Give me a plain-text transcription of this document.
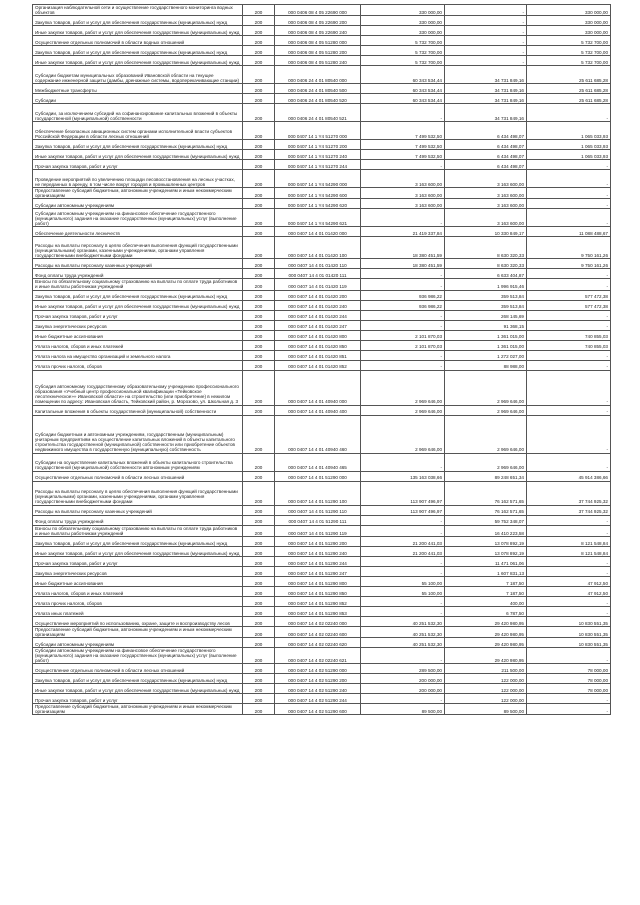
Организация наблюдательной сети и осуществление государственного мониторинга водных объектов	200	000 0406 08 4 05 22690 000	330 000,00	-	330 000,00
Закупка товаров, работ и услуг для обеспечения государственных (муниципальных) нужд	200	000 0406 08 4 05 22690 200	330 000,00	-	330 000,00
Иные закупки товаров, работ и услуг для обеспечения государственных (муниципальных) нужд	200	000 0406 08 4 05 22690 240	330 000,00	-	330 000,00
Осуществление отдельных полномочий в области водных отношений	200	000 0406 08 4 05 51280 000	5 732 700,00	-	5 732 700,00
Закупка товаров, работ и услуг для обеспечения государственных (муниципальных) нужд	200	000 0406 08 4 05 51280 200	5 732 700,00	-	5 732 700,00
Иные закупки товаров, работ и услуг для обеспечения государственных (муниципальных) нужд	200	000 0406 08 4 05 51280 240	5 732 700,00	-	5 732 700,00
Субсидии бюджетам муниципальных образований Ивановской области на текущее содержание инженерной защиты (дамбы, дренажные системы, водоперекачивающие станции)	200	000 0406 24 4 01 80540 000	60 343 534,44	34 731 849,16	25 611 685,28
Межбюджетные трансферты	200	000 0406 24 4 01 80540 500	60 343 534,44	34 731 849,16	25 611 685,28
Субсидии	200	000 0406 24 4 01 80540 520	60 343 534,44	34 731 849,16	25 611 685,28
Субсидии, за исключением субсидий на софинансирование капитальных вложений в объекты государственной (муниципальной) собственности	200	000 0406 24 4 01 80540 521	-	34 731 849,16	-
Обеспечение безопасных авиационных систем органами исполнительной власти субъектов Российской Федерации в области лесных отношений	200	000 0407 14 1 Y4 51270 000	7 499 532,50	6 434 498,07	1 065 033,93
Закупка товаров, работ и услуг для обеспечения государственных (муниципальных) нужд	200	000 0407 14 1 Y4 51270 200	7 499 532,50	6 434 498,07	1 065 033,93
Иные закупки товаров, работ и услуг для обеспечения государственных (муниципальных) нужд	200	000 0407 14 1 Y4 51270 240	7 499 532,50	6 434 498,07	1 065 033,93
Прочая закупка товаров, работ и услуг	200	000 0407 14 1 Y4 51270 244	-	6 434 498,07	-
Проведение мероприятий по увеличению площади лесовосстановления на лесных участках, не переданных в аренду, в том числе вокруг городов и промышленных центров	200	000 0407 14 1 Y4 54290 000	3 163 600,00	3 163 600,00	-
Предоставление субсидий бюджетным, автономным учреждениям и иным некоммерческим организациям	200	000 0407 14 1 Y4 54290 600	3 163 600,00	3 163 600,00	-
Субсидии автономным учреждениям	200	000 0407 14 1 Y4 54290 620	3 163 600,00	3 163 600,00	-
Субсидии автономным учреждениям на финансовое обеспечение государственного (муниципального) задания на оказание государственных (муниципальных) услуг (выполнение работ)	200	000 0407 14 1 Y4 54290 621	-	3 163 600,00	-
Обеспечение деятельности лесничеств	200	000 0407 14 4 01 01420 000	21 419 337,84	10 330 849,17	11 088 488,67
Расходы на выплаты персоналу в целях обеспечения выполнения функций государственными (муниципальными) органами, казенными учреждениями, органами управления государственными внебюджетными фондами	200	000 0407 14 4 01 01420 100	18 380 451,59	8 630 320,33	9 750 161,26
Расходы на выплаты персоналу казенных учреждений	200	000 0407 14 4 01 01420 110	18 380 451,59	8 630 320,33	9 750 161,26
Фонд оплаты труда учреждений	200	000 0407 14 4 01 01420 111	-	6 633 404,87	-
Взносы по обязательному социальному страхованию на выплаты по оплате труда работников и иные выплаты работникам учреждений	200	000 0407 14 4 01 01420 119	-	1 996 915,46	-
Закупка товаров, работ и услуг для обеспечения государственных (муниципальных) нужд	200	000 0407 14 4 01 01420 200	936 986,22	359 513,84	577 472,38
Иные закупки товаров, работ и услуг для обеспечения государственных (муниципальных) нужд	200	000 0407 14 4 01 01420 240	936 986,22	359 513,84	577 472,38
Прочая закупка товаров, работ и услуг	200	000 0407 14 4 01 01420 244	-	268 145,69	-
Закупка энергетических ресурсов	200	000 0407 14 4 01 01420 247	-	91 368,15	-
Иные бюджетные ассигнования	200	000 0407 14 4 01 01420 800	2 101 870,03	1 361 015,00	740 855,03
Уплата налогов, сборов и иных платежей	200	000 0407 14 4 01 01420 850	2 101 870,03	1 361 015,00	740 855,03
Уплата налога на имущество организаций и земельного налога	200	000 0407 14 4 01 01420 851	-	1 272 027,00	-
Уплата прочих налогов, сборов	200	000 0407 14 4 01 01420 852	-	88 988,00	-
Субсидия автономному государственному образовательному учреждению профессионального образования «Учебный центр профессиональной квалификации «Тейковское лесотехническое»» Ивановской области» на строительство (или приобретение) в нежилом помещении по адресу: Ивановская область, Тейковский район, р. Морозово, ул. Школьная д. 3	200	000 0407 14 4 01 40940 000	2 969 646,00	2 969 646,00	-
Капитальные вложения в объекты государственной (муниципальной) собственности	200	000 0407 14 4 01 40940 400	2 969 646,00	2 969 646,00	-
Субсидии бюджетным и автономным учреждениям, государственным (муниципальным) унитарным предприятиям на осуществление капитальных вложений в объекты капитального строительства государственной (муниципальной) собственности или приобретение объектов недвижимого имущества в государственную (муниципальную) собственность	200	000 0407 14 4 01 40940 460	2 969 646,00	2 969 646,00	-
Субсидии на осуществление капитальных вложений в объекты капитального строительства государственной (муниципальной) собственности автономным учреждениям	200	000 0407 14 4 01 40940 465	-	2 969 646,00	-
Осуществление отдельных полномочий в области лесных отношений	200	000 0407 14 4 01 51290 000	135 163 038,66	89 248 651,34	45 914 386,66
Расходы на выплаты персоналу в целях обеспечения выполнения функций государственными (муниципальными) органами, казенными учреждениями, органами управления государственными внебюджетными фондами	200	000 0407 14 4 01 51290 100	113 907 496,97	76 162 571,65	37 744 925,32
Расходы на выплаты персоналу казенных учреждений	200	000 0407 14 4 01 51290 110	113 907 496,97	76 162 571,65	37 744 925,32
Фонд оплаты труда учреждений	200	000 0407 14 4 01 51290 111	-	59 752 348,07	-
Взносы по обязательному социальному страхованию на выплаты по оплате труда работников и иные выплаты работникам учреждений	200	000 0407 14 4 01 51290 119	-	16 410 223,58	-
Закупка товаров, работ и услуг для обеспечения государственных (муниципальных) нужд	200	000 0407 14 4 01 51290 200	21 200 441,03	13 078 892,19	8 121 548,84
Иные закупки товаров, работ и услуг для обеспечения государственных (муниципальных) нужд	200	000 0407 14 4 01 51290 240	21 200 441,03	13 078 892,19	8 121 548,84
Прочая закупка товаров, работ и услуг	200	000 0407 14 4 01 51290 244	-	11 471 061,06	-
Закупка энергетических ресурсов	200	000 0407 14 4 01 51290 247	-	1 607 831,13	-
Иные бюджетные ассигнования	200	000 0407 14 4 01 51290 800	55 100,00	7 187,50	47 912,50
Уплата налогов, сборов и иных платежей	200	000 0407 14 4 01 51290 850	55 100,00	7 187,50	47 912,50
Уплата прочих налогов, сборов	200	000 0407 14 4 01 51290 852	-	400,00	-
Уплата иных платежей	200	000 0407 14 4 01 51290 853	-	6 787,50	-
Осуществление мероприятий по использованию, охране, защите и воспроизводству лесов	200	000 0407 14 4 02 02240 000	40 251 532,30	29 420 980,95	10 830 551,35
Предоставление субсидий бюджетным, автономным учреждениям и иным некоммерческим организациям	200	000 0407 14 4 02 02240 600	40 251 532,30	29 420 980,95	10 830 551,35
Субсидии автономным учреждениям	200	000 0407 14 4 02 02240 620	40 251 532,30	29 420 980,95	10 830 551,35
Субсидии автономным учреждениям на финансовое обеспечение государственного (муниципального) задания на оказание государственных (муниципальных) услуг (выполнение работ)	200	000 0407 14 4 02 02240 621	-	29 420 980,95	-
Осуществление отдельных полномочий в области лесных отношений	200	000 0407 14 4 02 51290 000	289 500,00	211 500,00	78 000,00
Закупка товаров, работ и услуг для обеспечения государственных (муниципальных) нужд	200	000 0407 14 4 02 51290 200	200 000,00	122 000,00	78 000,00
Иные закупки товаров, работ и услуг для обеспечения государственных (муниципальных) нужд	200	000 0407 14 4 02 51290 240	200 000,00	122 000,00	78 000,00
Прочая закупка товаров, работ и услуг	200	000 0407 14 4 02 51290 244	-	122 000,00	-
Предоставление субсидий бюджетным, автономным учреждениям и иным некоммерческим организациям	200	000 0407 14 4 02 51290 600	89 500,00	89 500,00	-
